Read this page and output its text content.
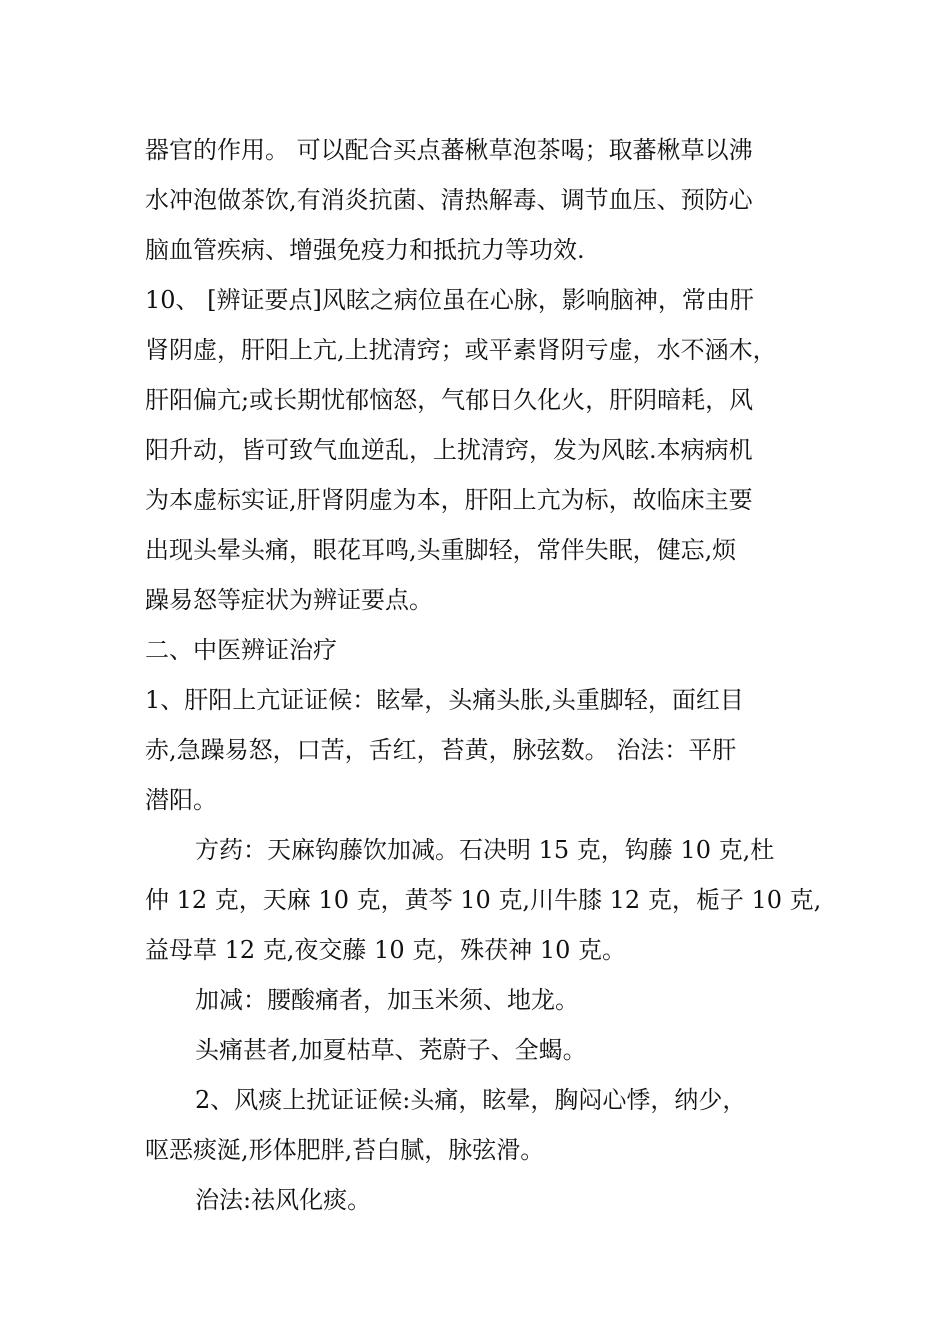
器官的作用。 可以配合买点蕃楸草泡茶喝；取蕃楸草以沸

水冲泡做茶饮,有消炎抗菌、清热解毒、调节血压、预防心

脑血管疾病、增强免疫力和抵抗力等功效.

10、 [辨证要点]风眩之病位虽在心脉，影响脑神，常由肝

肾阴虚，肝阳上亢,上扰清窍；或平素肾阴亏虚，水不涵木，

肝阳偏亢;或长期忧郁恼怒，气郁日久化火，肝阴暗耗，风

阳升动，皆可致气血逆乱，上扰清窍，发为风眩.本病病机

为本虚标实证,肝肾阴虚为本，肝阳上亢为标，故临床主要

出现头晕头痛，眼花耳鸣,头重脚轻，常伴失眠，健忘,烦

躁易怒等症状为辨证要点。

二、中医辨证治疗

1、肝阳上亢证证候：眩晕，头痛头胀,头重脚轻，面红目

赤,急躁易怒，口苦，舌红，苔黄，脉弦数。 治法：平肝

潜阳。

方药：天麻钩藤饮加减。石决明 15 克，钩藤 10 克,杜

仲 12 克，天麻 10 克，黄芩 10 克,川牛膝 12 克，栀子 10 克,

益母草 12 克,夜交藤 10 克，殊茯神 10 克。

加减：腰酸痛者，加玉米须、地龙。

头痛甚者,加夏枯草、茺蔚子、全蝎。

2、风痰上扰证证候:头痛，眩晕，胸闷心悸，纳少，

呕恶痰涎,形体肥胖,苔白腻，脉弦滑。

治法:祛风化痰。
